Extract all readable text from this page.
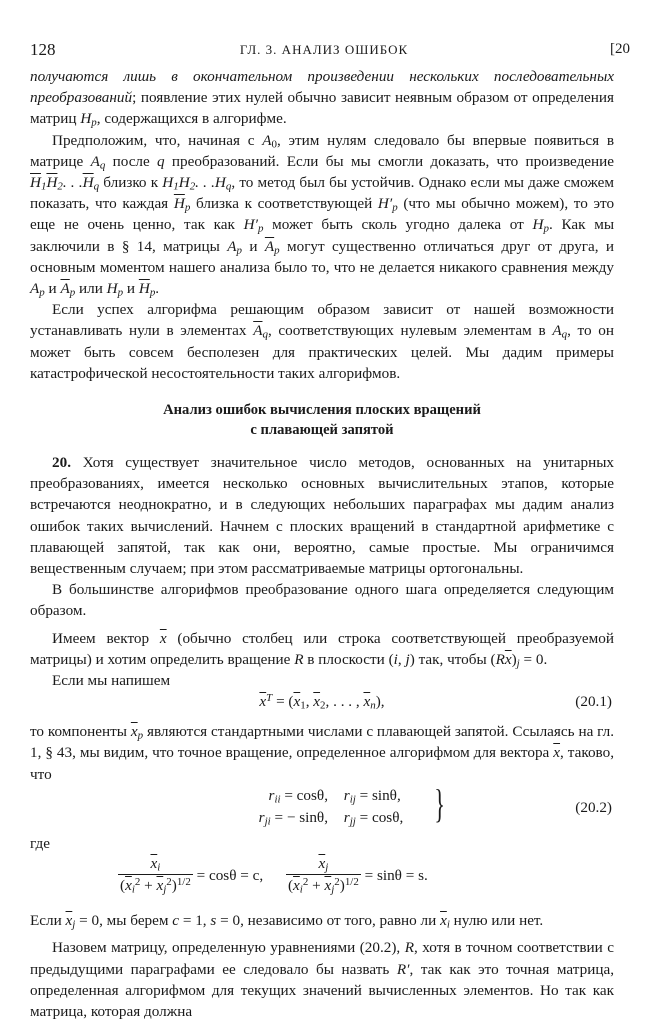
128	ГЛ. 3. АНАЛИЗ ОШИБОК	[20

получаются лишь в окончательном произведении нескольких последовательных преобразований; появление этих нулей обычно зависит неявным образом от определения матриц $H_p$, содержащихся в алгорифме.

Предположим, что, начиная с $A_0$, этим нулям следовало бы впервые появиться в матрице $A_q$ после q преобразований. Если бы мы смогли доказать, что произведение $\overline{H}_1\overline{H}_2$. . $.\overline{H}_q$ близко к $H_1H_2$. . $.H_q$, то метод был бы устойчив. Однако если мы даже сможем показать, что каждая $\overline{H}_p$ близка к соответствующей $H'_p$ (что мы обычно можем), то это еще не очень ценно, так как $H'_p$ может быть сколь угодно далека от $H_p$. Как мы заключили в § 14, матрицы $A_p$ и $\overline{A}_p$ могут существенно отличаться друг от друга, и основным моментом нашего анализа было то, что не делается никакого сравнения между $A_p$ и $\overline{A}_p$ или $H_p$ и $\overline{H}_p$.

Если успех алгорифма решающим образом зависит от нашей возможности устанавливать нули в элементах $\overline{A}_q$, соответствующих нулевым элементам в $A_q$, то он может быть совсем бесполезен для практических целей. Мы дадим примеры катастрофической несостоятельности таких алгорифмов.

Анализ ошибок вычисления плоских вращений
с плавающей запятой

20. Хотя существует значительное число методов, основанных на унитарных преобразованиях, имеется несколько основных вычислительных этапов, которые встречаются неоднократно, и в следующих небольших параграфах мы дадим анализ ошибок таких вычислений. Начнем с плоских вращений в стандартной арифметике с плавающей запятой, так как они, вероятно, самые простые. Мы ограничимся вещественным случаем; при этом рассматриваемые матрицы ортогональны.

В большинстве алгорифмов преобразование одного шага определяется следующим образом.

Имеем вектор $\overline{x}$ (обычно столбец или строка соответствующей преобразуемой матрицы) и хотим определить вращение R в плоскости (i, j) так, чтобы $(R\overline{x})_j = 0$.

Если мы напишем

$\overline{x}^T = (\overline{x}_1$, $\overline{x}_2$, . . . , $\overline{x}_n$),	(20.1)

то компоненты $\overline{x}_p$ являются стандартными числами с плавающей запятой. Ссылаясь на гл. 1, § 43, мы видим, что точное вращение, определенное алгорифмом для вектора $\overline{x}$, таково, что

$r_{ii} = \cos\theta$, $r_{ij} = \sin\theta$,
$r_{ji}$ = − sinθ, $r_{jj} = \cos\theta$, }	(20.2)

где

$\frac{\overline{x}_i}{(\overline{x}_i^2 + \overline{x}_j^2)^{1/2}} = \cos\theta = c$, $\frac{\overline{x}_j}{(\overline{x}_i^2 + \overline{x}_j^2)^{1/2}} = \sin\theta = s$.

Если $\overline{x}_j = 0$, мы берем c = 1, s = 0, независимо от того, равно ли $\overline{x}_i$ нулю или нет.

Назовем матрицу, определенную уравнениями (20.2), R, хотя в точном соответствии с предыдущими параграфами ее следовало бы назвать R′, так как это точная матрица, определенная алгорифмом для текущих значений вычисленных элементов. Но так как матрица, которая должна
